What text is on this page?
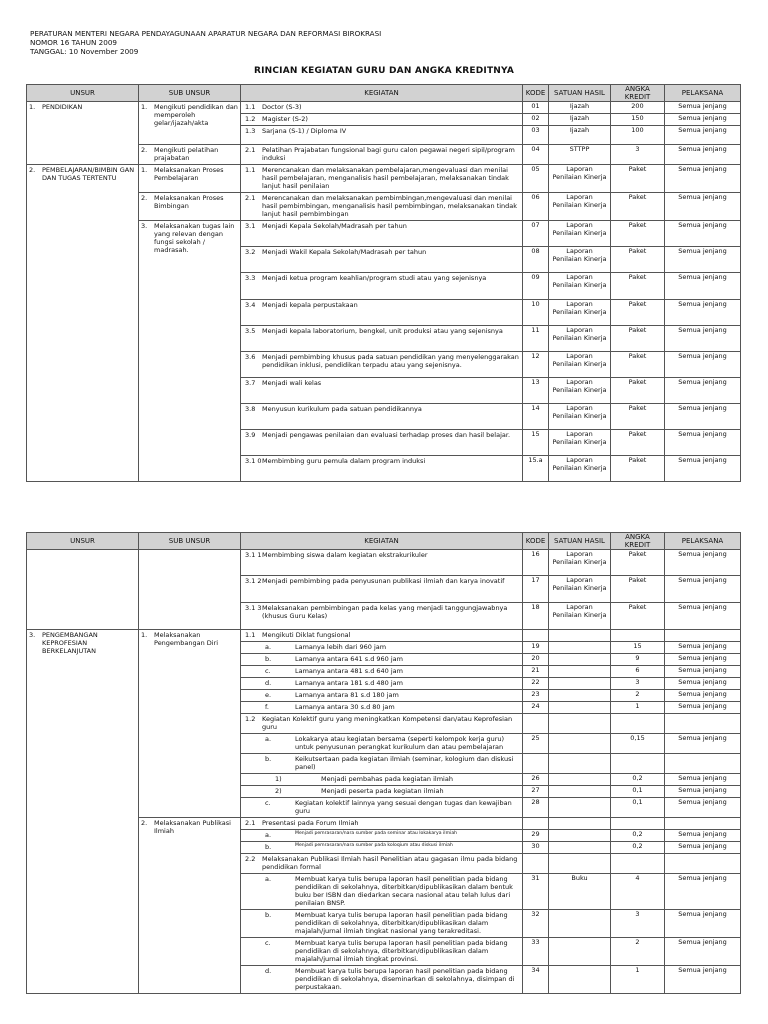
PERATURAN MENTERI NEGARA PENDAYAGUNAAN APARATUR NEGARA DAN REFORMASI BIROKRASI
NOMOR 16 TAHUN 2009
TANGGAL: 10 November 2009
RINCIAN KEGIATAN GURU DAN ANGKA KREDITNYA
UNSUR	SUB UNSUR	KEGIATAN	KODE	SATUAN HASIL	ANGKA KREDIT	PELAKSANA

1. PENDIDIKAN	1. Mengikuti pendidikan dan memperoleh gelar/ijazah/akta	1.1 Doctor (S-3)	01	Ijazah	200	Semua jenjang

		1.2 Magister (S-2)	02	Ijazah	150	Semua jenjang

		1.3 Sarjana (S-1) / Diploma IV	03	Ijazah	100	Semua jenjang

	2. Mengikuti pelatihan prajabatan	2.1 Pelatihan Prajabatan fungsional bagi guru calon pegawai negeri sipil/program induksi	04	STTPP	3	Semua jenjang

2. PEMBELAJARAN/BIMBIN GAN DAN TUGAS TERTENTU	1. Melaksanakan Proses Pembelajaran	1.1 Merencanakan dan melaksanakan pembelajaran,mengevaluasi dan menilai hasil pembelajaran, menganalisis hasil pembelajaran, melaksanakan tindak lanjut hasil penilaian	05	Laporan Penilaian Kinerja	Paket	Semua jenjang

	2. Melaksanakan Proses Bimbingan	2.1 Merencanakan dan melaksanakan pembimbingan,mengevaluasi dan menilai hasil pembimbingan, menganalisis hasil pembimbingan, melaksanakan tindak lanjut hasil pembimbingan	06	Laporan Penilaian Kinerja	Paket	Semua jenjang

	3. Melaksanakan tugas lain yang relevan dengan fungsi sekolah / madrasah.	3.1 Menjadi Kepala Sekolah/Madrasah per tahun	07	Laporan Penilaian Kinerja	Paket	Semua jenjang

		3.2 Menjadi Wakil Kepala Sekolah/Madrasah per tahun	08	Laporan Penilaian Kinerja	Paket	Semua jenjang

		3.3 Menjadi ketua program keahlian/program studi atau yang sejenisnya	09	Laporan Penilaian Kinerja	Paket	Semua jenjang

		3.4 Menjadi kepala perpustakaan	10	Laporan Penilaian Kinerja	Paket	Semua jenjang

		3.5 Menjadi kepala laboratorium, bengkel, unit produksi atau yang sejenisnya	11	Laporan Penilaian Kinerja	Paket	Semua jenjang

		3.6 Menjadi pembimbing khusus pada satuan pendidikan yang menyelenggarakan pendidikan inklusi, pendidikan terpadu atau yang sejenisnya.	12	Laporan Penilaian Kinerja	Paket	Semua jenjang

		3.7 Menjadi wali kelas	13	Laporan Penilaian Kinerja	Paket	Semua jenjang

		3.8 Menyusun kurikulum pada satuan pendidikannya	14	Laporan Penilaian Kinerja	Paket	Semua jenjang

		3.9 Menjadi pengawas penilaian dan evaluasi terhadap proses dan hasil belajar.	15	Laporan Penilaian Kinerja	Paket	Semua jenjang

		3.1 0 Membimbing guru pemula dalam program induksi	15.a	Laporan Penilaian Kinerja	Paket	Semua jenjang
UNSUR	SUB UNSUR	KEGIATAN	KODE	SATUAN HASIL	ANGKA KREDIT	PELAKSANA

		3.1 1 Membimbing siswa dalam kegiatan ekstrakurikuler	16	Laporan Penilaian Kinerja	Paket	Semua jenjang

		3.1 2 Menjadi pembimbing pada penyusunan publikasi ilmiah dan karya inovatif	17	Laporan Penilaian Kinerja	Paket	Semua jenjang

		3.1 3 Melaksanakan pembimbingan pada kelas yang menjadi tanggungjawabnya (khusus Guru Kelas)	18	Laporan Penilaian Kinerja	Paket	Semua jenjang

3. PENGEMBANGAN KEPROFESIAN BERKELANJUTAN	1. Melaksanakan Pengembangan Diri	1.1 Mengikuti Diklat fungsional				

		a. Lamanya lebih dari 960 jam	19		15	Semua jenjang

		b. Lamanya antara 641 s.d 960 jam	20		9	Semua jenjang

		c. Lamanya antara 481 s.d 640 jam	21		6	Semua jenjang

		d. Lamanya antara 181 s.d 480 jam	22		3	Semua jenjang

		e. Lamanya antara 81 s.d 180 jam	23		2	Semua jenjang

		f. Lamanya antara 30 s.d 80 jam	24		1	Semua jenjang

		1.2 Kegiatan Kolektif guru yang meningkatkan Kompetensi dan/atau Keprofesian guru				

		a. Lokakarya atau kegiatan bersama (seperti kelompok kerja guru) untuk penyusunan perangkat kurikulum dan atau pembelajaran	25		0,15	Semua jenjang

		b. Keikutsertaan pada kegiatan ilmiah (seminar, kologium dan diskusi panel)				

		1) Menjadi pembahas pada kegiatan ilmiah	26		0,2	Semua jenjang

		2) Menjadi peserta pada kegiatan ilmiah	27		0,1	Semua jenjang

		c. Kegiatan kolektif lainnya yang sesuai dengan tugas dan kewajiban guru	28		0,1	Semua jenjang

	2. Melaksanakan Publikasi Ilmiah	2.1 Presentasi pada Forum Ilmiah				

		a. Menjadi pemrasaran/nara sumber pada seminar atau lokakarya ilmiah	29		0,2	Semua jenjang

		b. Menjadi pemrasaran/nara sumber pada koloqium atau diskusi ilmiah	30		0,2	Semua jenjang

		2.2 Melaksanakan Publikasi Ilmiah hasil Penelitian atau gagasan ilmu pada bidang pendidikan formal				

		a. Membuat karya tulis berupa laporan hasil penelitian pada bidang pendidikan di sekolahnya, diterbitkan/dipublikasikan dalam bentuk buku ber ISBN dan diedarkan secara nasional atau telah lulus dari penilaian BNSP.	31	Buku	4	Semua jenjang

		b. Membuat karya tulis berupa laporan hasil penelitian pada bidang pendidikan di sekolahnya, diterbitkan/dipublikasikan dalam majalah/jurnal ilmiah tingkat nasional yang terakreditasi.	32		3	Semua jenjang

		c. Membuat karya tulis berupa laporan hasil penelitian pada bidang pendidikan di sekolahnya, diterbitkan/dipublikasikan dalam majalah/jurnal ilmiah tingkat provinsi.	33		2	Semua jenjang

		d. Membuat karya tulis berupa laporan hasil penelitian pada bidang pendidikan di sekolahnya, diseminarkan di sekolahnya, disimpan di perpustakaan.	34		1	Semua jenjang
